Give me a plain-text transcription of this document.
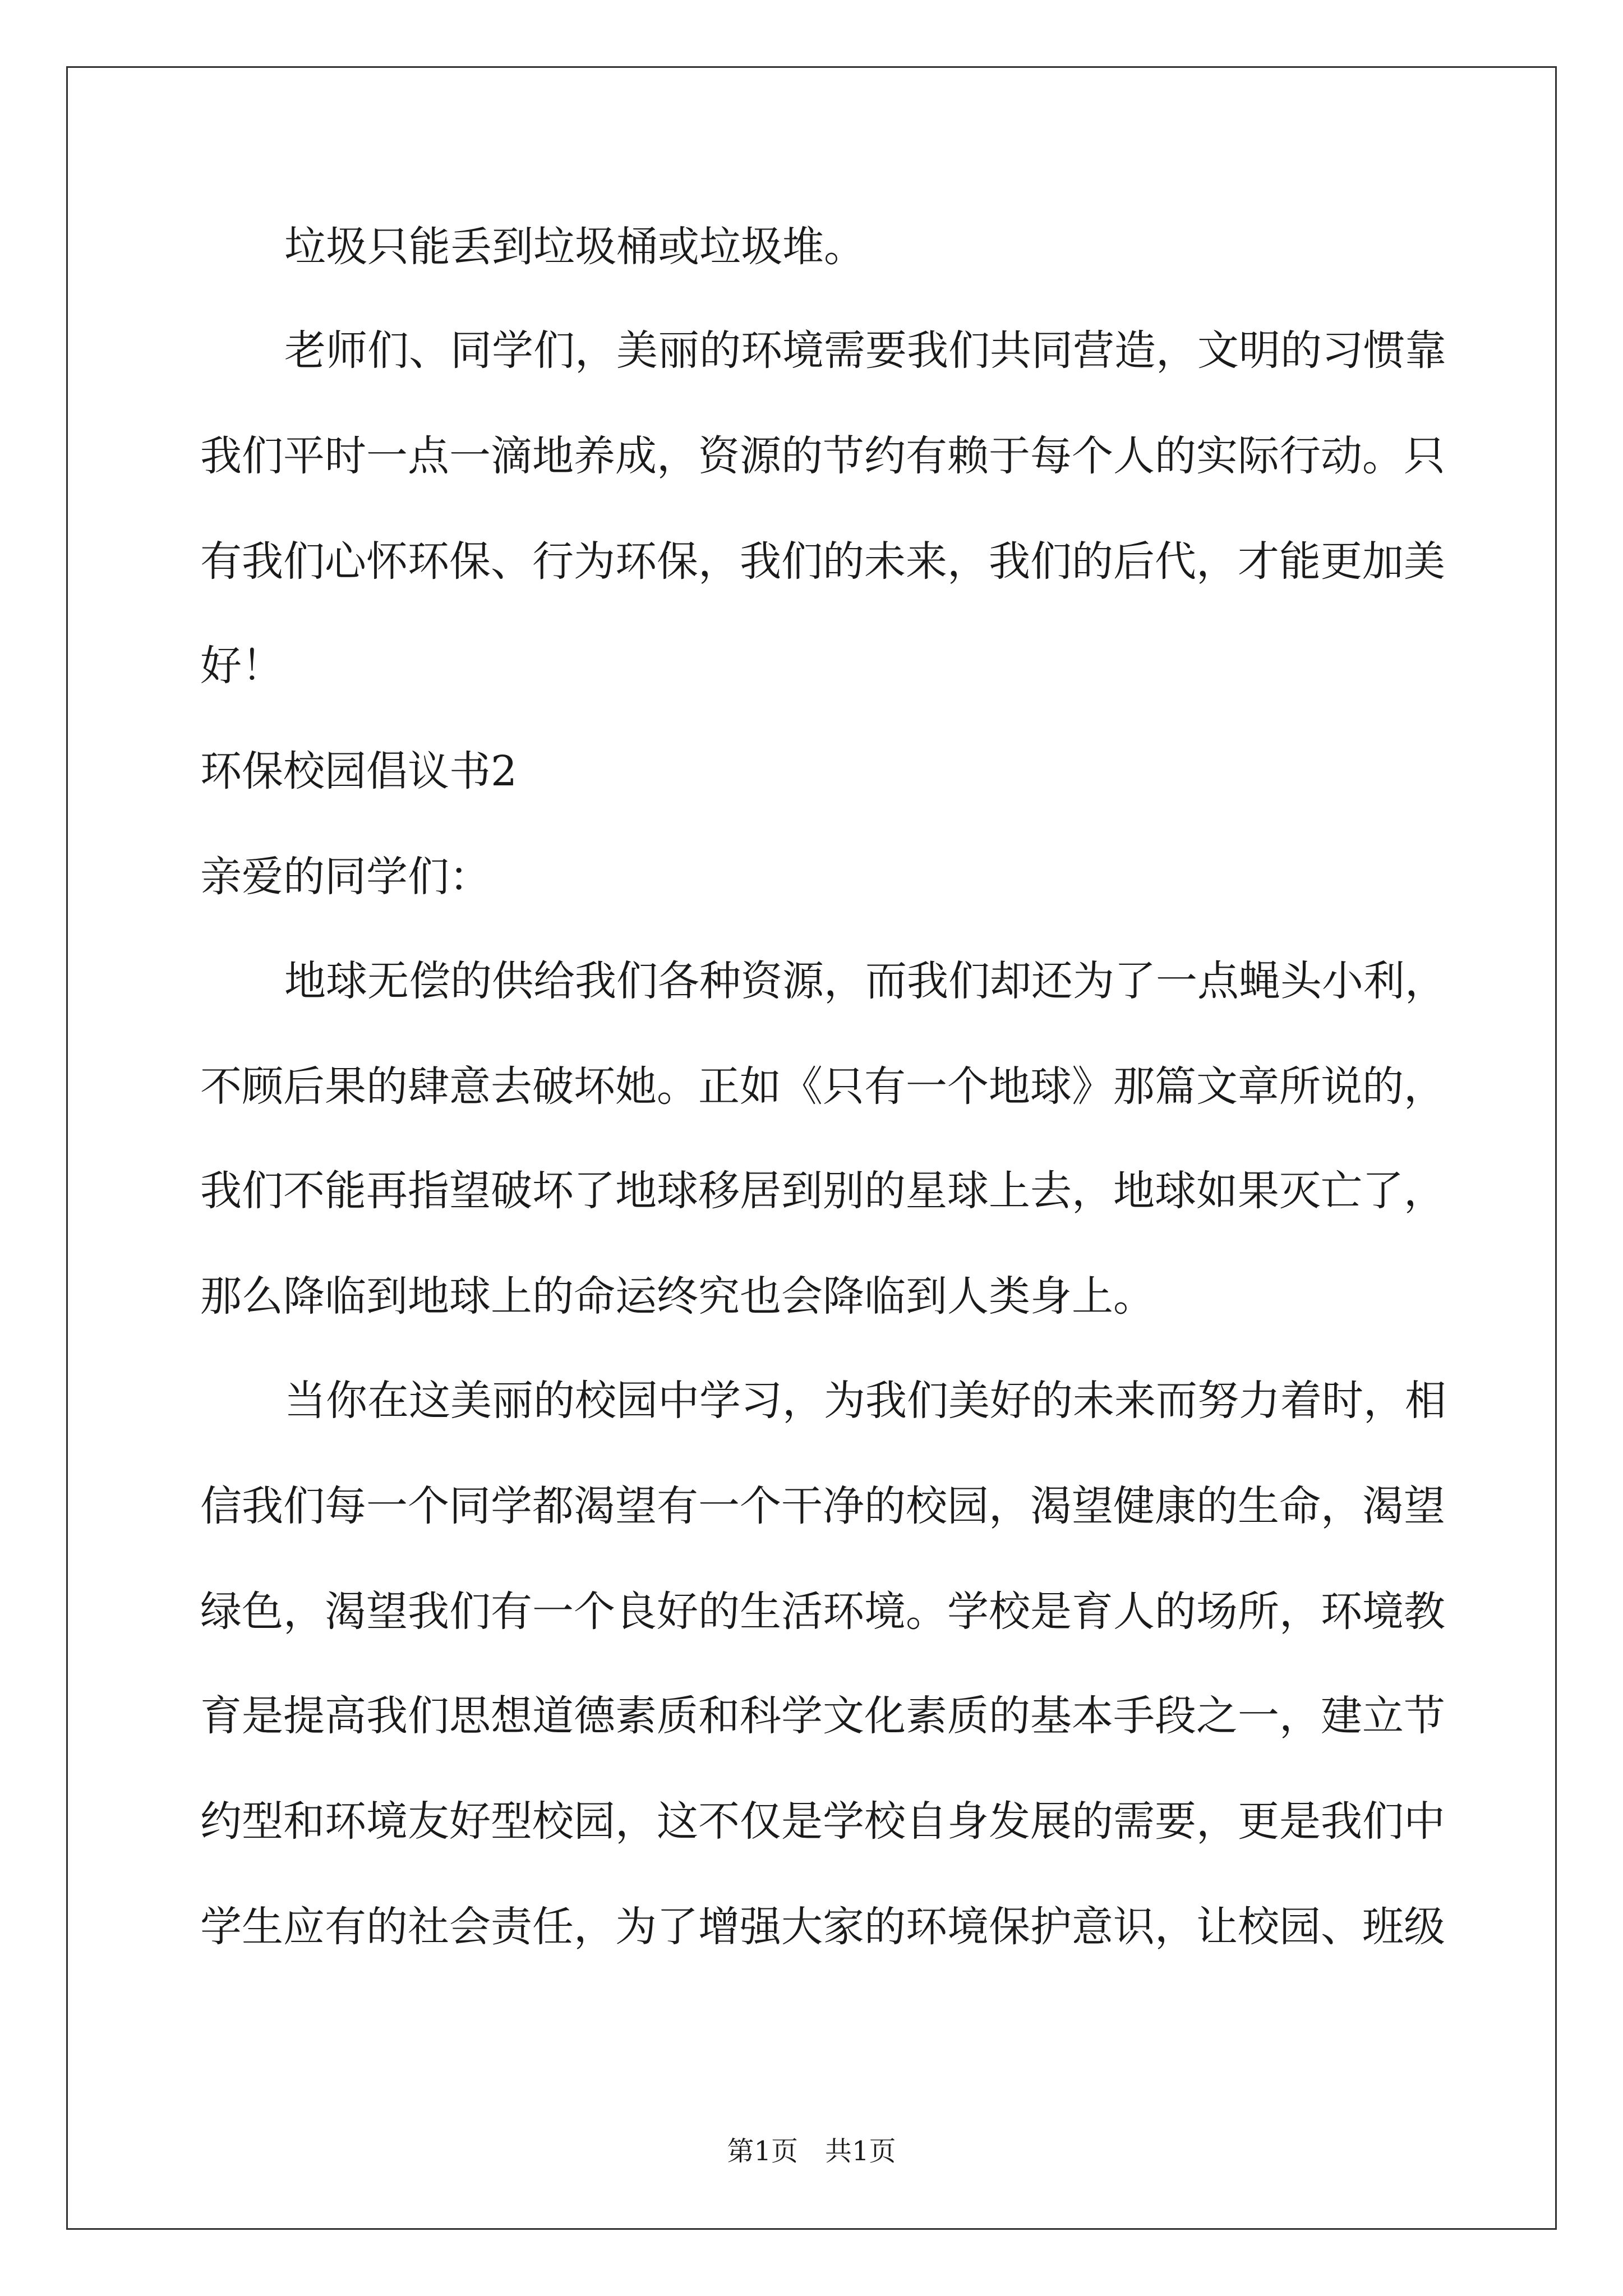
垃圾只能丢到垃圾桶或垃圾堆。
老师们、同学们，美丽的环境需要我们共同营造，文明的习惯靠
我们平时一点一滴地养成，资源的节约有赖于每个人的实际行动。只
有我们心怀环保、行为环保，我们的未来，我们的后代，才能更加美
好！
环保校园倡议书2
亲爱的同学们：
地球无偿的供给我们各种资源，而我们却还为了一点蝇头小利，
不顾后果的肆意去破坏她。正如《只有一个地球》那篇文章所说的，
我们不能再指望破坏了地球移居到别的星球上去，地球如果灭亡了，
那么降临到地球上的命运终究也会降临到人类身上。
当你在这美丽的校园中学习，为我们美好的未来而努力着时，相
信我们每一个同学都渴望有一个干净的校园，渴望健康的生命，渴望
绿色，渴望我们有一个良好的生活环境。学校是育人的场所，环境教
育是提高我们思想道德素质和科学文化素质的基本手段之一，建立节
约型和环境友好型校园，这不仅是学校自身发展的需要，更是我们中
学生应有的社会责任，为了增强大家的环境保护意识，让校园、班级
第1页　共1页
